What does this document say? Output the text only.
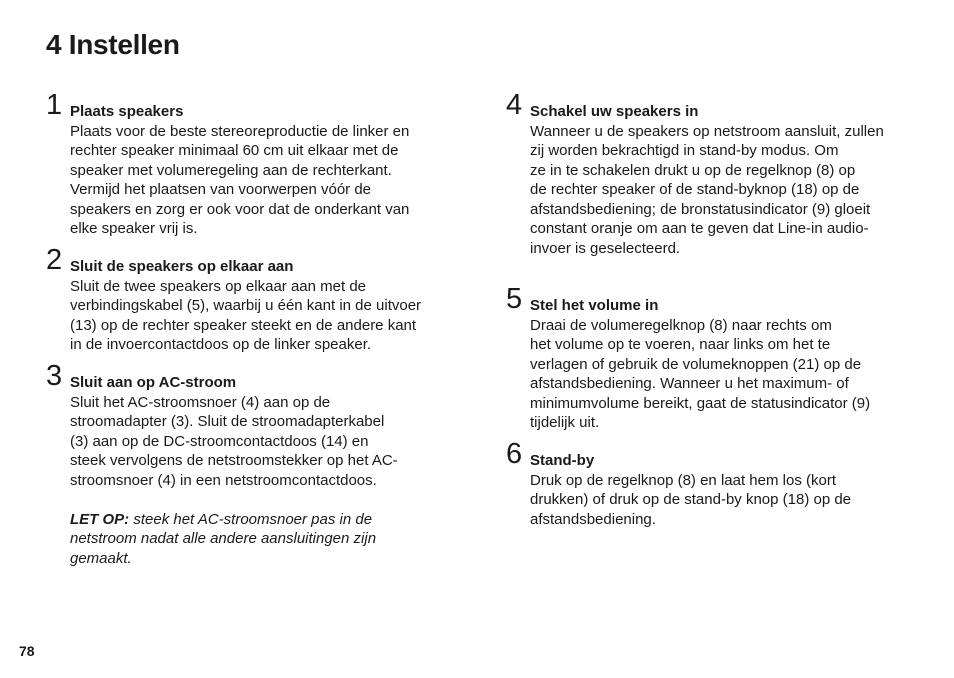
4 Instellen
1 Plaats speakers

Plaats voor de beste stereoreproductie de linker en
rechter speaker minimaal 60 cm uit elkaar met de
speaker met volumeregeling aan de rechterkant.
Vermijd het plaatsen van voorwerpen vóór de
speakers en zorg er ook voor dat de onderkant van
elke speaker vrij is.

2 Sluit de speakers op elkaar aan

Sluit de twee speakers op elkaar aan met de
verbindingskabel (5), waarbij u één kant in de uitvoer
(13) op de rechter speaker steekt en de andere kant
in de invoercontactdoos op de linker speaker.

3 Sluit aan op AC-stroom

Sluit het AC-stroomsnoer (4) aan op de
stroomadapter (3). Sluit de stroomadapterkabel
(3) aan op de DC-stroomcontactdoos (14) en
steek vervolgens de netstroomstekker op het AC-
stroomsnoer (4) in een netstroomcontactdoos.

LET OP: steek het AC-stroomsnoer pas in de
netstroom nadat alle andere aansluitingen zijn
gemaakt.

4 Schakel uw speakers in

Wanneer u de speakers op netstroom aansluit, zullen
zij worden bekrachtigd in stand-by modus. Om
ze in te schakelen drukt u op de regelknop (8) op
de rechter speaker of de stand-byknop (18) op de
afstandsbediening; de bronstatusindicator (9) gloeit
constant oranje om aan te geven dat Line-in audio-
invoer is geselecteerd.

5 Stel het volume in

Draai de volumeregelknop (8) naar rechts om
het volume op te voeren, naar links om het te
verlagen of gebruik de volumeknoppen (21) op de
afstandsbediening. Wanneer u het maximum- of
minimumvolume bereikt, gaat de statusindicator (9)
tijdelijk uit.

6 Stand-by

Druk op de regelknop (8) en laat hem los (kort
drukken) of druk op de stand-by knop (18) op de
afstandsbediening.

78
